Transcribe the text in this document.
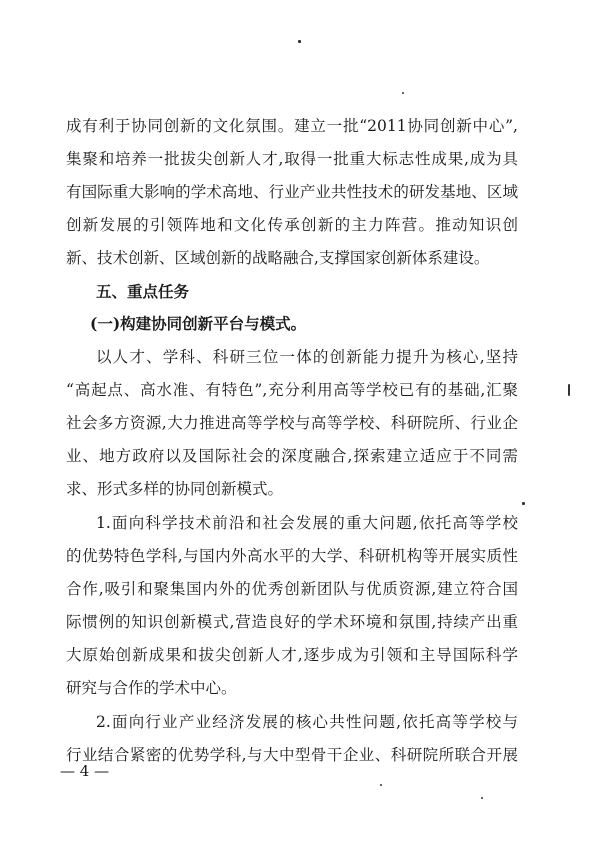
成有利于协同创新的文化氛围。建立一批“2011协同创新中心”,
集聚和培养一批拔尖创新人才,取得一批重大标志性成果,成为具
有国际重大影响的学术高地、行业产业共性技术的研发基地、区域
创新发展的引领阵地和文化传承创新的主力阵营。推动知识创
新、技术创新、区域创新的战略融合,支撑国家创新体系建设。
五、重点任务
(一)构建协同创新平台与模式。
以人才、学科、科研三位一体的创新能力提升为核心,坚持
“高起点、高水准、有特色”,充分利用高等学校已有的基础,汇聚
社会多方资源,大力推进高等学校与高等学校、科研院所、行业企
业、地方政府以及国际社会的深度融合,探索建立适应于不同需
求、形式多样的协同创新模式。
1.面向科学技术前沿和社会发展的重大问题,依托高等学校
的优势特色学科,与国内外高水平的大学、科研机构等开展实质性
合作,吸引和聚集国内外的优秀创新团队与优质资源,建立符合国
际惯例的知识创新模式,营造良好的学术环境和氛围,持续产出重
大原始创新成果和拔尖创新人才,逐步成为引领和主导国际科学
研究与合作的学术中心。
2.面向行业产业经济发展的核心共性问题,依托高等学校与
行业结合紧密的优势学科,与大中型骨干企业、科研院所联合开展
— 4 —
